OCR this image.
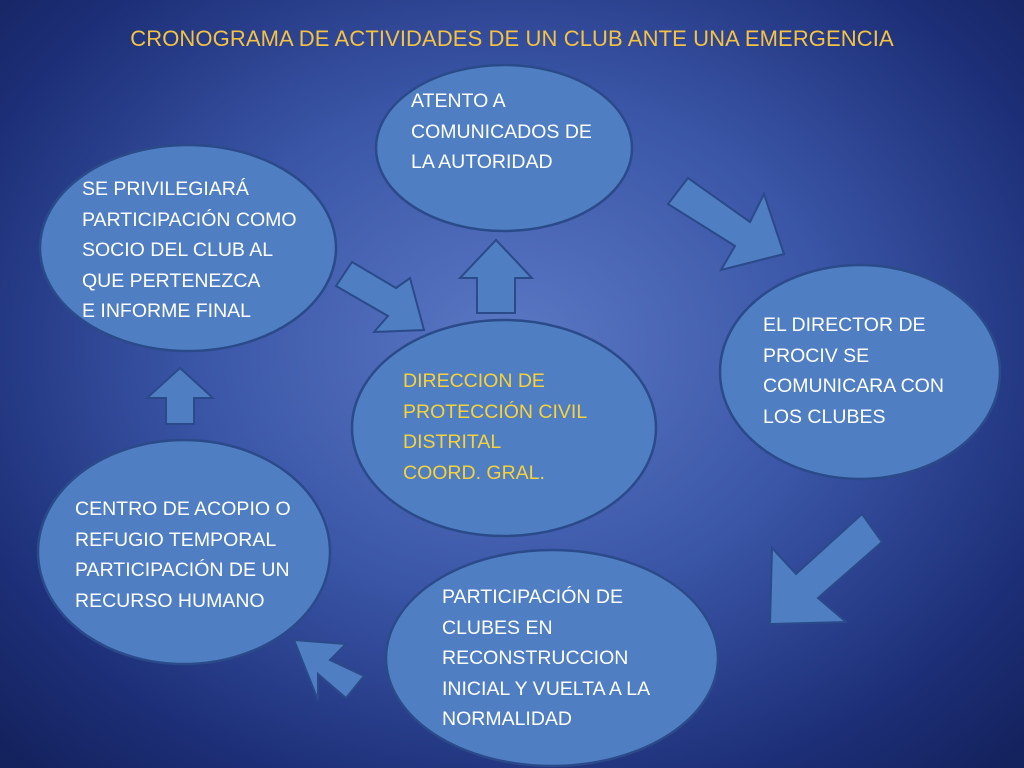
CRONOGRAMA DE ACTIVIDADES DE UN CLUB ANTE UNA EMERGENCIA
ATENTO A
COMUNICADOS DE
LA AUTORIDAD
SE PRIVILEGIARÁ
PARTICIPACIÓN COMO
SOCIO DEL CLUB AL
QUE PERTENEZCA
E INFORME FINAL
EL DIRECTOR DE
PROCIV SE
COMUNICARA CON
LOS CLUBES
DIRECCION DE
PROTECCIÓN CIVIL
DISTRITAL
COORD. GRAL.
CENTRO DE ACOPIO O
REFUGIO TEMPORAL
PARTICIPACIÓN DE UN
RECURSO HUMANO	PARTICIPACIÓN DE
CLUBES EN
RECONSTRUCCION
INICIAL Y VUELTA A LA
NORMALIDAD
